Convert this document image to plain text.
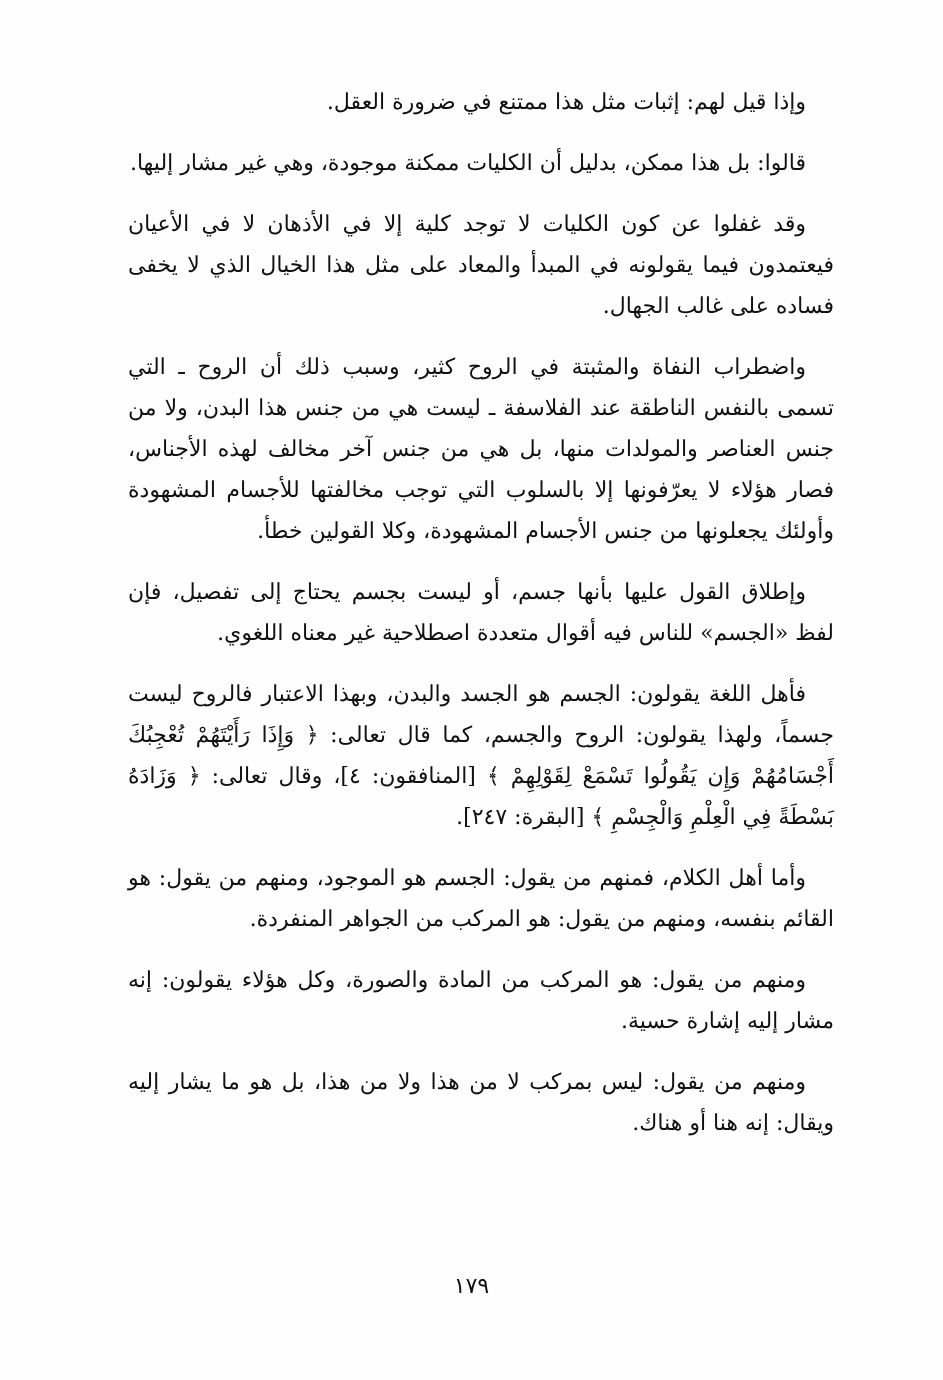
وإذا قيل لهم: إثبات مثل هذا ممتنع في ضرورة العقل.

قالوا: بل هذا ممكن، بدليل أن الكليات ممكنة موجودة، وهي غير مشار إليها.

وقد غفلوا عن كون الكليات لا توجد كلية إلا في الأذهان لا في الأعيان فيعتمدون فيما يقولونه في المبدأ والمعاد على مثل هذا الخيال الذي لا يخفى فساده على غالب الجهال.

واضطراب النفاة والمثبتة في الروح كثير، وسبب ذلك أن الروح ـ التي تسمى بالنفس الناطقة عند الفلاسفة ـ ليست هي من جنس هذا البدن، ولا من جنس العناصر والمولدات منها، بل هي من جنس آخر مخالف لهذه الأجناس، فصار هؤلاء لا يعرّفونها إلا بالسلوب التي توجب مخالفتها للأجسام المشهودة وأولئك يجعلونها من جنس الأجسام المشهودة، وكلا القولين خطأ.

وإطلاق القول عليها بأنها جسم، أو ليست بجسم يحتاج إلى تفصيل، فإن لفظ «الجسم» للناس فيه أقوال متعددة اصطلاحية غير معناه اللغوي.

فأهل اللغة يقولون: الجسم هو الجسد والبدن، وبهذا الاعتبار فالروح ليست جسماً، ولهذا يقولون: الروح والجسم، كما قال تعالى: ﴿ وَإِذَا رَأَيْتَهُمْ تُعْجِبُكَ أَجْسَامُهُمْ وَإِن يَقُولُوا تَسْمَعْ لِقَوْلِهِمْ ﴾ [المنافقون: ٤]، وقال تعالى: ﴿ وَزَادَهُ بَسْطَةً فِي الْعِلْمِ وَالْجِسْمِ ﴾ [البقرة: ٢٤٧].

وأما أهل الكلام، فمنهم من يقول: الجسم هو الموجود، ومنهم من يقول: هو القائم بنفسه، ومنهم من يقول: هو المركب من الجواهر المنفردة.

ومنهم من يقول: هو المركب من المادة والصورة، وكل هؤلاء يقولون: إنه مشار إليه إشارة حسية.

ومنهم من يقول: ليس بمركب لا من هذا ولا من هذا، بل هو ما يشار إليه ويقال: إنه هنا أو هناك.

١٧٩
